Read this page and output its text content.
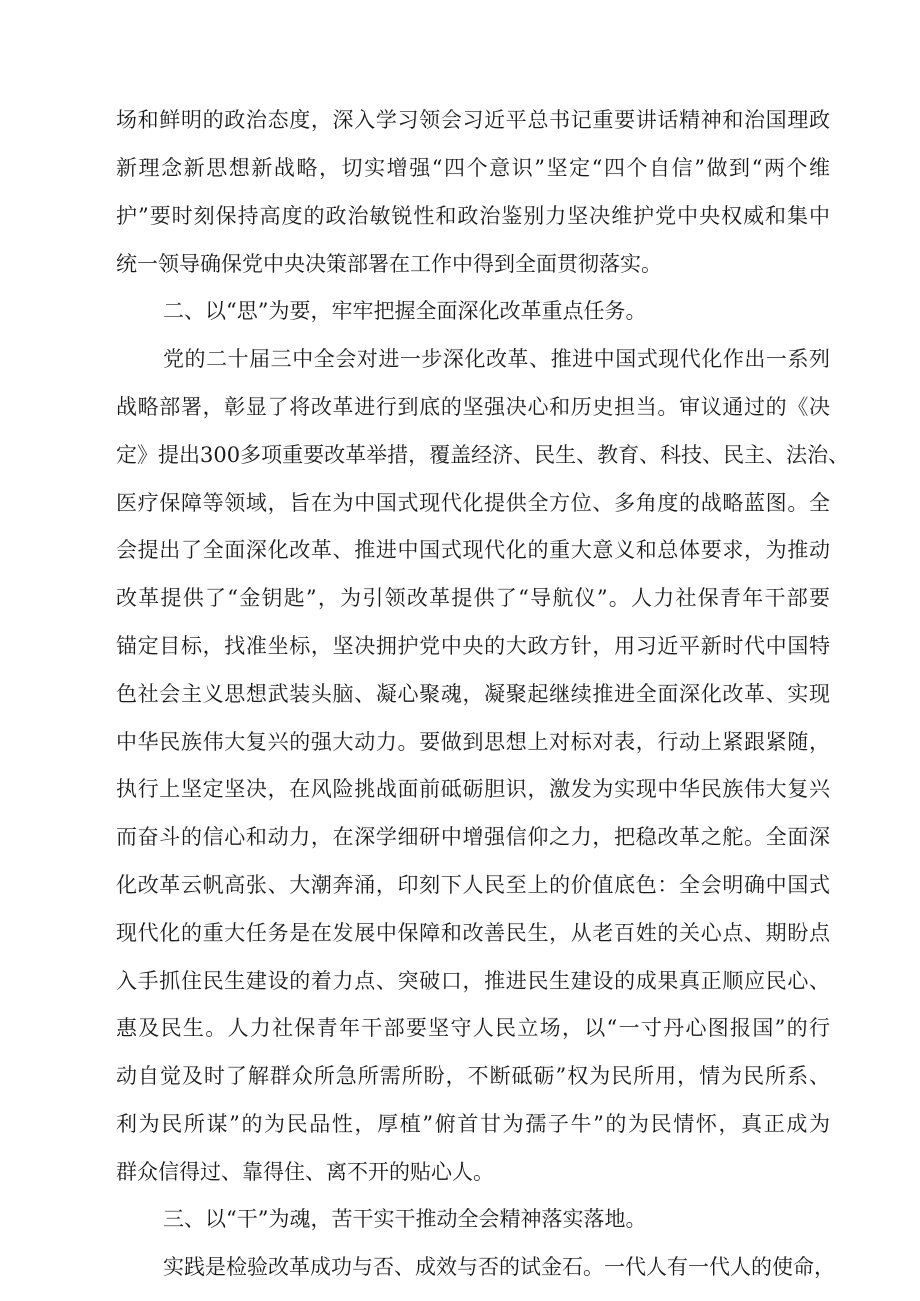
场和鲜明的政治态度，深入学习领会习近平总书记重要讲话精神和治国理政

新理念新思想新战略，切实增强“四个意识”坚定“四个自信”做到“两个维

护”要时刻保持高度的政治敏锐性和政治鉴别力坚决维护党中央权威和集中

统一领导确保党中央决策部署在工作中得到全面贯彻落实。

二、以“思”为要，牢牢把握全面深化改革重点任务。

党的二十届三中全会对进一步深化改革、推进中国式现代化作出一系列

战略部署，彰显了将改革进行到底的坚强决心和历史担当。审议通过的《决

定》提出300多项重要改革举措，覆盖经济、民生、教育、科技、民主、法治、

医疗保障等领域，旨在为中国式现代化提供全方位、多角度的战略蓝图。全

会提出了全面深化改革、推进中国式现代化的重大意义和总体要求，为推动

改革提供了“金钥匙”，为引领改革提供了“导航仪”。人力社保青年干部要

锚定目标，找准坐标，坚决拥护党中央的大政方针，用习近平新时代中国特

色社会主义思想武装头脑、凝心聚魂，凝聚起继续推进全面深化改革、实现

中华民族伟大复兴的强大动力。要做到思想上对标对表，行动上紧跟紧随，

执行上坚定坚决，在风险挑战面前砥砺胆识，激发为实现中华民族伟大复兴

而奋斗的信心和动力，在深学细研中增强信仰之力，把稳改革之舵。全面深

化改革云帆高张、大潮奔涌，印刻下人民至上的价值底色：全会明确中国式

现代化的重大任务是在发展中保障和改善民生，从老百姓的关心点、期盼点

入手抓住民生建设的着力点、突破口，推进民生建设的成果真正顺应民心、

惠及民生。人力社保青年干部要坚守人民立场，以“一寸丹心图报国”的行

动自觉及时了解群众所急所需所盼，不断砥砺”权为民所用，情为民所系、

利为民所谋”的为民品性，厚植”俯首甘为孺子牛”的为民情怀，真正成为

群众信得过、靠得住、离不开的贴心人。

三、以“干”为魂，苦干实干推动全会精神落实落地。

实践是检验改革成功与否、成效与否的试金石。一代人有一代人的使命，
